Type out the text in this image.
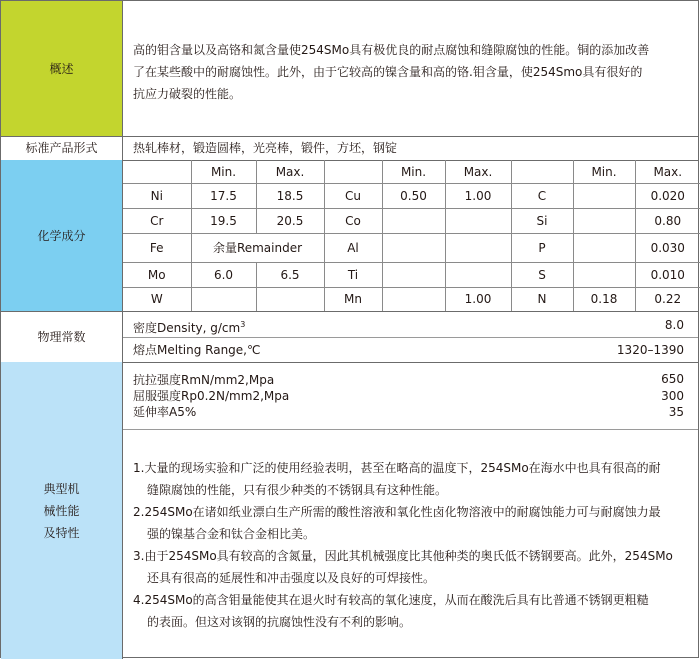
概述
高的钼含量以及高铬和氮含量使254SMo具有极优良的耐点腐蚀和缝隙腐蚀的性能。铜的添加改善
了在某些酸中的耐腐蚀性。此外，由于它较高的镍含量和高的铬.钼含量，使254Smo具有很好的
抗应力破裂的性能。
标准产品形式	热轧棒材，锻造圆棒，光亮棒，锻件，方坯，钢锭
化学成分
	Min.	Max.		Min.	Max.		Min.	Max.
Ni	17.5	18.5	Cu	0.50	1.00	C		0.020
Cr	19.5	20.5	Co			Si		0.80
Fe	余量Remainder		Al			P		0.030
Mo	6.0	6.5	Ti			S		0.010
W			Mn		1.00	N	0.18	0.22
物理常数
密度Density, $g/cm^3$	8.0
熔点Melting Range,℃	1320–1390
典型机
械性能
及特性
抗拉强度RmN/mm2,Mpa	650
屈服强度Rp0.2N/mm2,Mpa	300
延伸率A5%	35
1.大量的现场实验和广泛的使用经验表明，甚至在略高的温度下，254SMo在海水中也具有很高的耐
缝隙腐蚀的性能，只有很少种类的不锈钢具有这种性能。
2.254SMo在诸如纸业漂白生产所需的酸性溶液和氧化性卤化物溶液中的耐腐蚀能力可与耐腐蚀力最
强的镍基合金和钛合金相比美。
3.由于254SMo具有较高的含氮量，因此其机械强度比其他种类的奥氏低不锈钢要高。此外，254SMo
还具有很高的延展性和冲击强度以及良好的可焊接性。
4.254SMo的高含钼量能使其在退火时有较高的氧化速度，从而在酸洗后具有比普通不锈钢更粗糙
的表面。但这对该钢的抗腐蚀性没有不利的影响。
